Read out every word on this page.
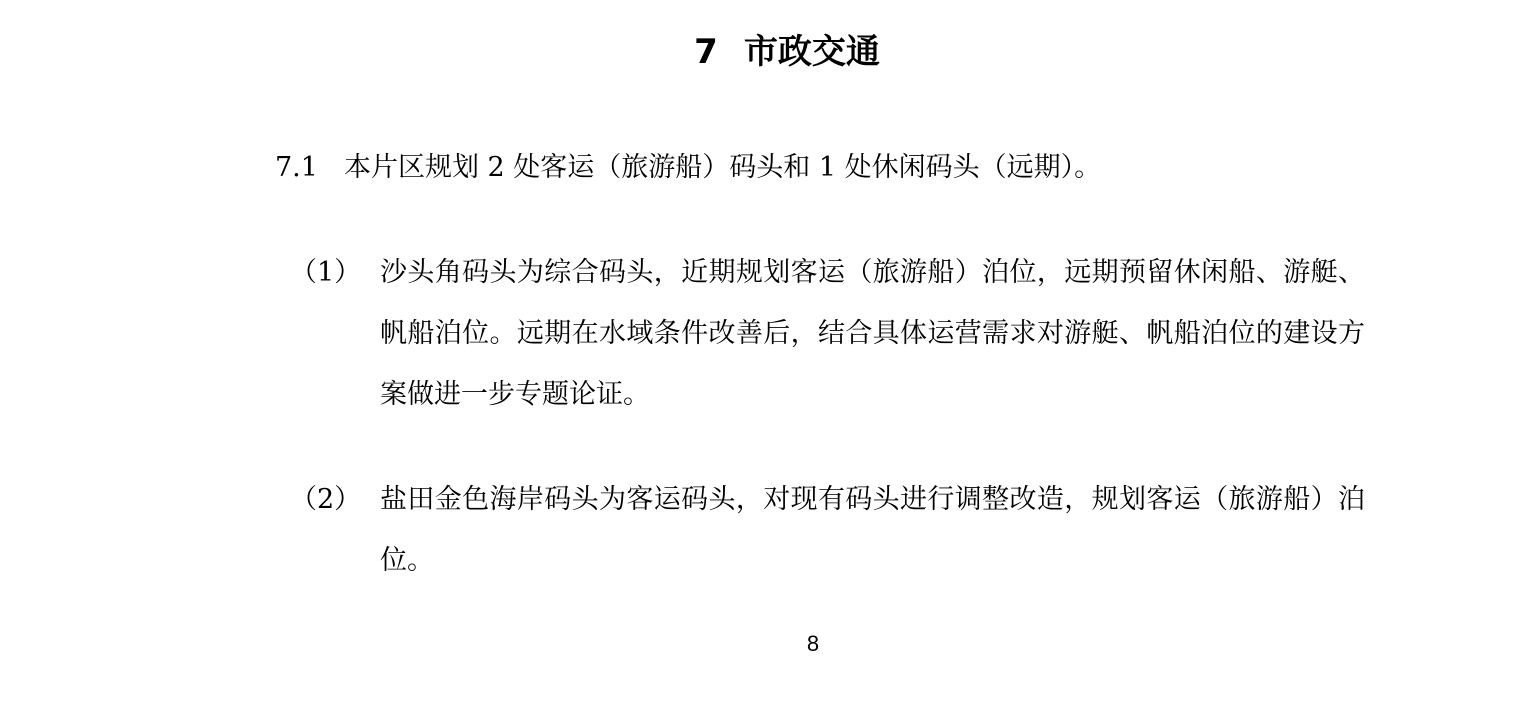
7 市政交通
7.1 本片区规划 2 处客运（旅游船）码头和 1 处休闲码头（远期）。
（1） 沙头角码头为综合码头，近期规划客运（旅游船）泊位，远期预留休闲船、游艇、帆船泊位。远期在水域条件改善后，结合具体运营需求对游艇、帆船泊位的建设方案做进一步专题论证。
（2） 盐田金色海岸码头为客运码头，对现有码头进行调整改造，规划客运（旅游船）泊位。
8
